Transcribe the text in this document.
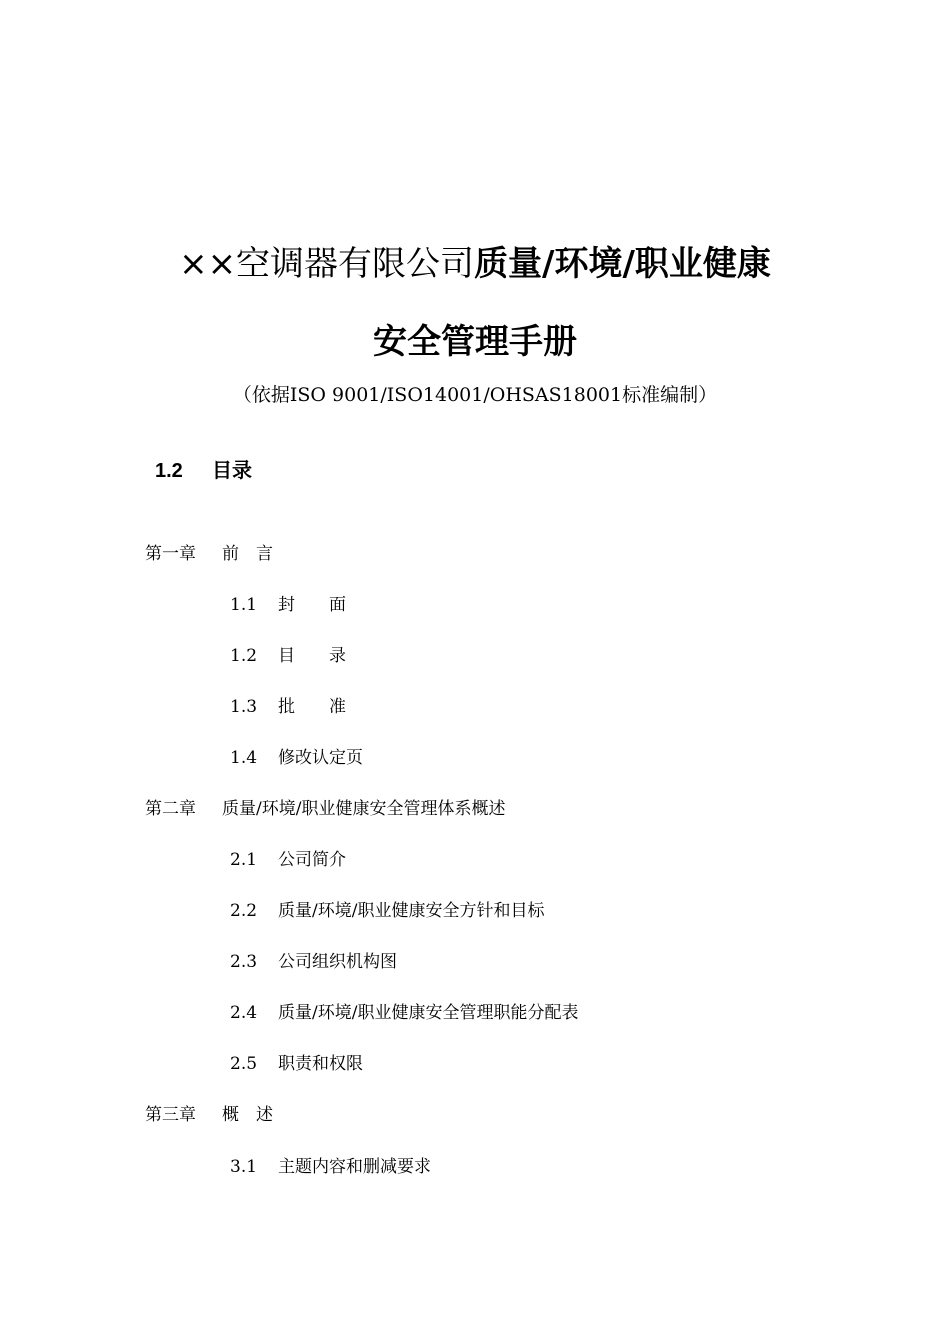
××空调器有限公司质量/环境/职业健康
安全管理手册
（依据ISO 9001/ISO14001/OHSAS18001标准编制）
1.2 目录
第一章 前　言
1.1 封　　面
1.2 目　　录
1.3 批　　准
1.4 修改认定页
第二章 质量/环境/职业健康安全管理体系概述
2.1 公司简介
2.2 质量/环境/职业健康安全方针和目标
2.3 公司组织机构图
2.4 质量/环境/职业健康安全管理职能分配表
2.5 职责和权限
第三章 概　述
3.1 主题内容和删减要求
